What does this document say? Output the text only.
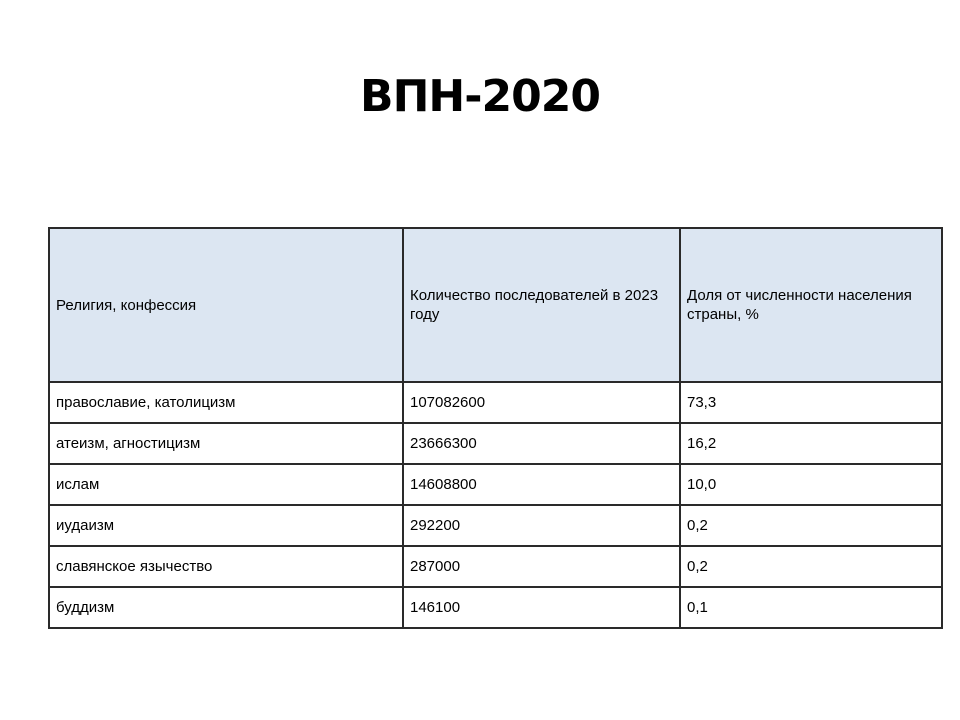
ВПН-2020
Религия, конфессия	Количество последователей в 2023 году	Доля от численности населения страны, %
православие, католицизм	107082600	73,3
атеизм, агностицизм	23666300	16,2
ислам	14608800	10,0
иудаизм	292200	0,2
славянское язычество	287000	0,2
буддизм	146100	0,1
